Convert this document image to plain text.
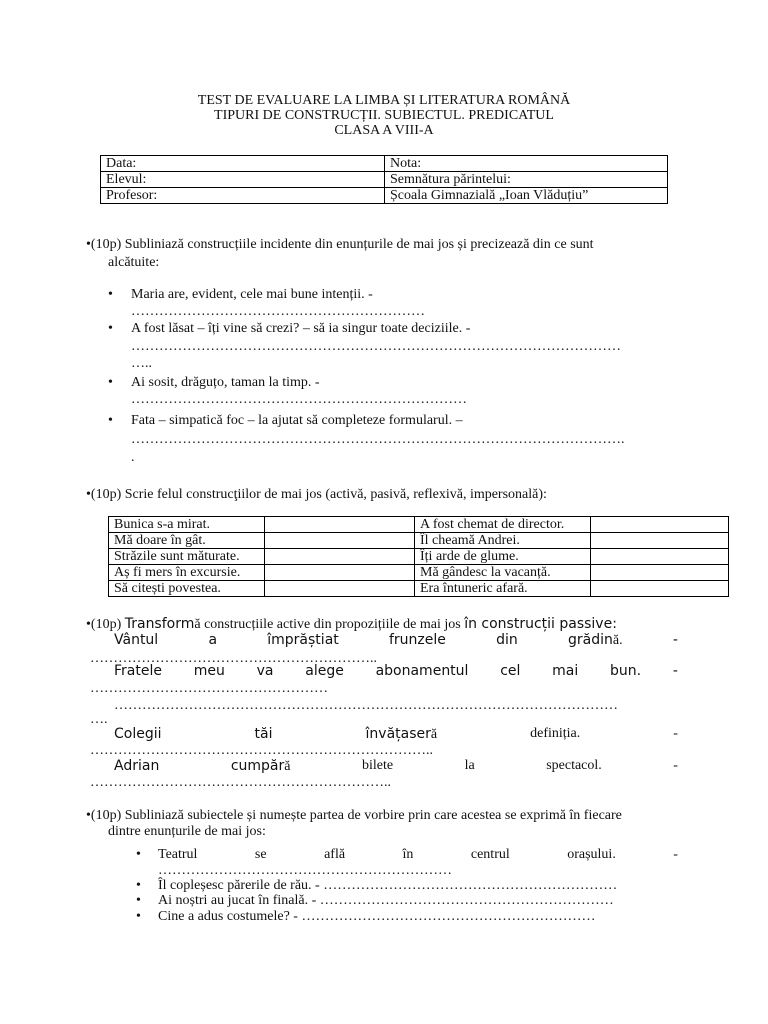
TEST DE EVALUARE LA LIMBA ȘI LITERATURA ROMÂNĂ
TIPURI DE CONSTRUCȚII. SUBIECTUL. PREDICATUL
CLASA A VIII-A
Data:	Nota:
Elevul:	Semnătura părintelui:
Profesor:	Școala Gimnazială „Ioan Vlăduțiu”
•(10p) Subliniază construcțiile incidente din enunțurile de mai jos și precizează din ce sunt
alcătuite:
• Maria are, evident, cele mai bune intenții. -
………………………………………………………
• A fost lăsat – îți vine să crezi? – să ia singur toate deciziile. -
……………………………………………………………………………………………
…..
• Ai sosit, drăguțo, taman la timp. -
………………………………………………………………
• Fata – simpatică foc – la ajutat să completeze formularul. –
…………………………………………………………………………………………….
.
•(10p) Scrie felul construcţiilor de mai jos (activă, pasivă, reflexivă, impersonală):
Bunica s-a mirat.		A fost chemat de director.	
Mă doare în gât.		Îl cheamă Andrei.	
Străzile sunt măturate.		Îți arde de glume.	
Aș fi mers în excursie.		Mă gândesc la vacanță.	
Să citești povestea.		Era întuneric afară.	
•(10p) Transformă construcțiile active din propozițiile de mai jos în construcții passive:
Vântul	a	împrăștiat	frunzele	din	grădină.	-
……………………………………………………..
Fratele meu va alege abonamentul cel mai bun. -
……………………………………………
………………………………………………………………………………………………
….
Colegii	tăi	învățaseră	definiția.	-
………………………………………………………………..
Adrian	cumpără	bilete	la	spectacol.	-
………………………………………………………..
•(10p) Subliniază subiectele și numește partea de vorbire prin care acestea se exprimă în fiecare
dintre enunțurile de mai jos:
• Teatrul	se	află	în	centrul	orașului.	-
………………………………………………………
• Îl copleșesc părerile de rău. - ………………………………………………………
• Ai noștri au jucat în finală. - ………………………………………………………
• Cine a adus costumele? - ………………………………………………………
